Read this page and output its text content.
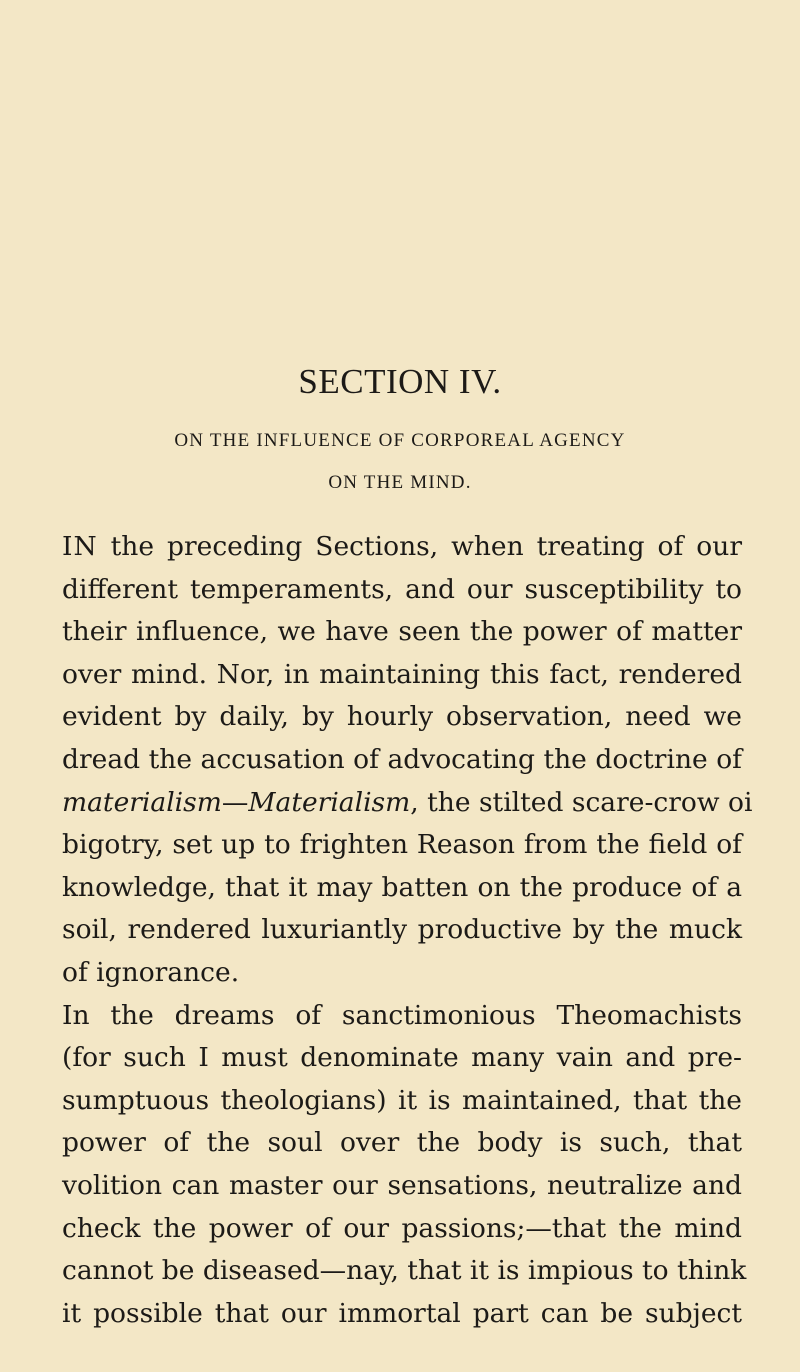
SECTION IV.

ON THE INFLUENCE OF CORPOREAL AGENCY

ON THE MIND.

IN the preceding Sections, when treating of our
different temperaments, and our susceptibility to
their influence, we have seen the power of matter
over mind. Nor, in maintaining this fact, rendered
evident by daily, by hourly observation, need we
dread the accusation of advocating the doctrine of
materialism—Materialism, the stilted scare-crow oi
bigotry, set up to frighten Reason from the field of
knowledge, that it may batten on the produce of a
soil, rendered luxuriantly productive by the muck
of ignorance.
In the dreams of sanctimonious Theomachists
(for such I must denominate many vain and pre-
sumptuous theologians) it is maintained, that the
power of the soul over the body is such, that
volition can master our sensations, neutralize and
check the power of our passions;—that the mind
cannot be diseased—nay, that it is impious to think
it possible that our immortal part can be subject
